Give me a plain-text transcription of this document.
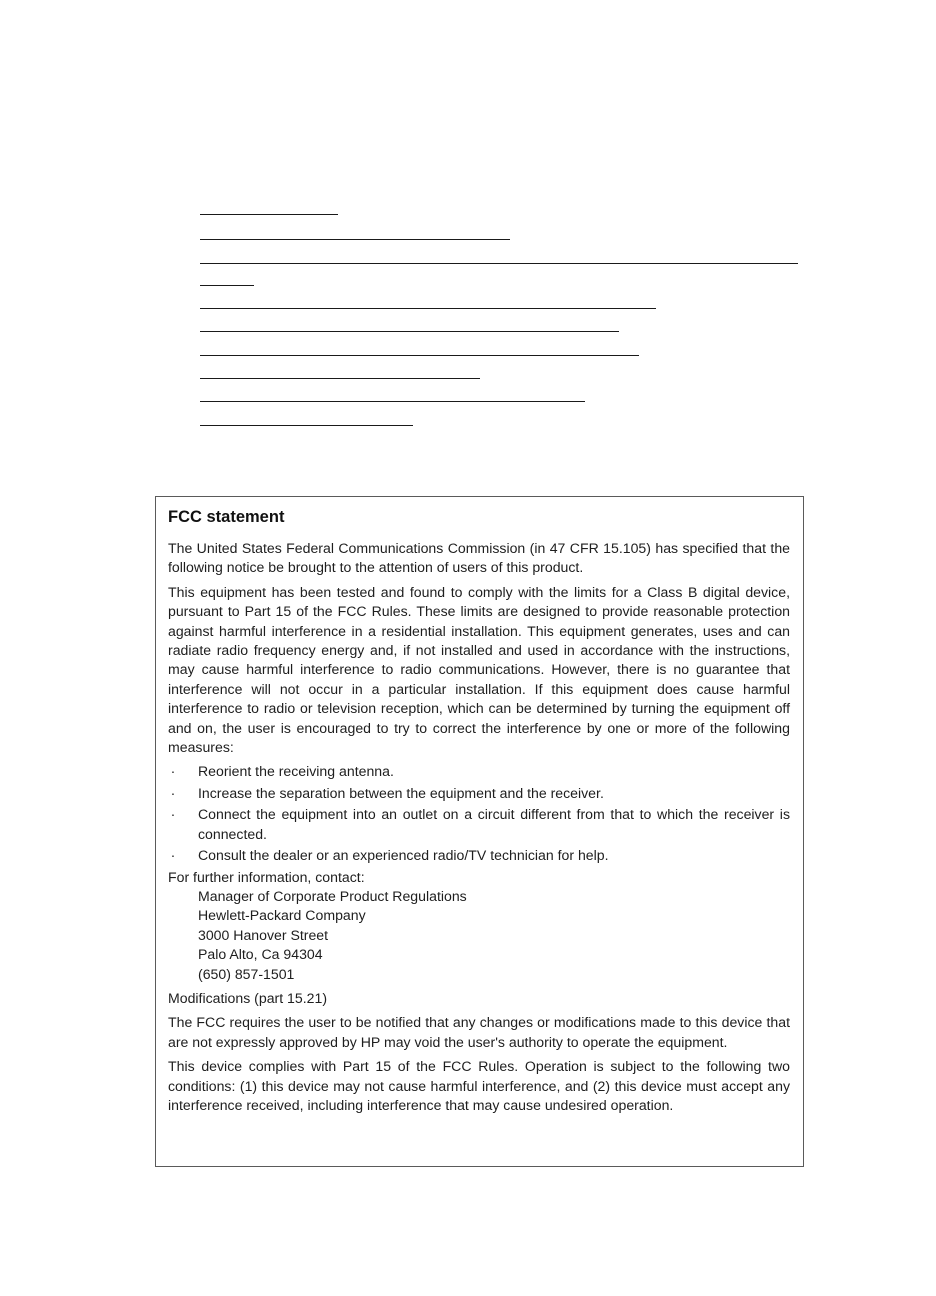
FCC statement

The United States Federal Communications Commission (in 47 CFR 15.105) has specified that the following notice be brought to the attention of users of this product.

This equipment has been tested and found to comply with the limits for a Class B digital device, pursuant to Part 15 of the FCC Rules. These limits are designed to provide reasonable protection against harmful interference in a residential installation. This equipment generates, uses and can radiate radio frequency energy and, if not installed and used in accordance with the instructions, may cause harmful interference to radio communications. However, there is no guarantee that interference will not occur in a particular installation. If this equipment does cause harmful interference to radio or television reception, which can be determined by turning the equipment off and on, the user is encouraged to try to correct the interference by one or more of the following measures:

· Reorient the receiving antenna.
· Increase the separation between the equipment and the receiver.
· Connect the equipment into an outlet on a circuit different from that to which the receiver is connected.
· Consult the dealer or an experienced radio/TV technician for help.
For further information, contact:
Manager of Corporate Product Regulations
Hewlett-Packard Company
3000 Hanover Street
Palo Alto, Ca 94304
(650) 857-1501

Modifications (part 15.21)

The FCC requires the user to be notified that any changes or modifications made to this device that are not expressly approved by HP may void the user's authority to operate the equipment.

This device complies with Part 15 of the FCC Rules. Operation is subject to the following two conditions: (1) this device may not cause harmful interference, and (2) this device must accept any interference received, including interference that may cause undesired operation.
